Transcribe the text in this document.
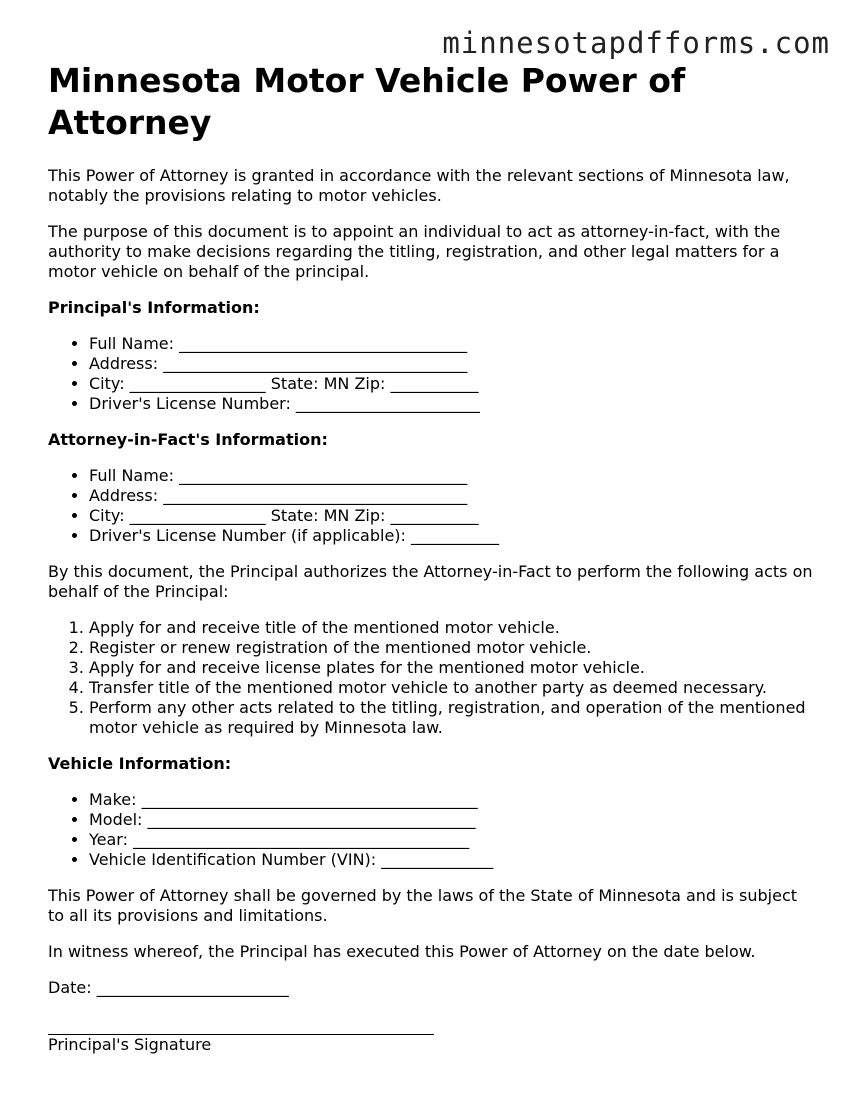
minnesotapdfforms.com
Minnesota Motor Vehicle Power of Attorney

This Power of Attorney is granted in accordance with the relevant sections of Minnesota law, notably the provisions relating to motor vehicles.

The purpose of this document is to appoint an individual to act as attorney-in-fact, with the authority to make decisions regarding the titling, registration, and other legal matters for a motor vehicle on behalf of the principal.

Principal's Information:
• Full Name: ____________________________________
• Address: ______________________________________
• City: _________________ State: MN Zip: ___________
• Driver's License Number: _______________________
Attorney-in-Fact's Information:
• Full Name: ____________________________________
• Address: ______________________________________
• City: _________________ State: MN Zip: ___________
• Driver's License Number (if applicable): ___________

By this document, the Principal authorizes the Attorney-in-Fact to perform the following acts on behalf of the Principal:

1. Apply for and receive title of the mentioned motor vehicle.
2. Register or renew registration of the mentioned motor vehicle.
3. Apply for and receive license plates for the mentioned motor vehicle.
4. Transfer title of the mentioned motor vehicle to another party as deemed necessary.
5. Perform any other acts related to the titling, registration, and operation of the mentioned motor vehicle as required by Minnesota law.
Vehicle Information:
• Make: __________________________________________
• Model: _________________________________________
• Year: __________________________________________
• Vehicle Identification Number (VIN): ______________

This Power of Attorney shall be governed by the laws of the State of Minnesota and is subject to all its provisions and limitations.

In witness whereof, the Principal has executed this Power of Attorney on the date below.

Date: ________________________

Principal's Signature
